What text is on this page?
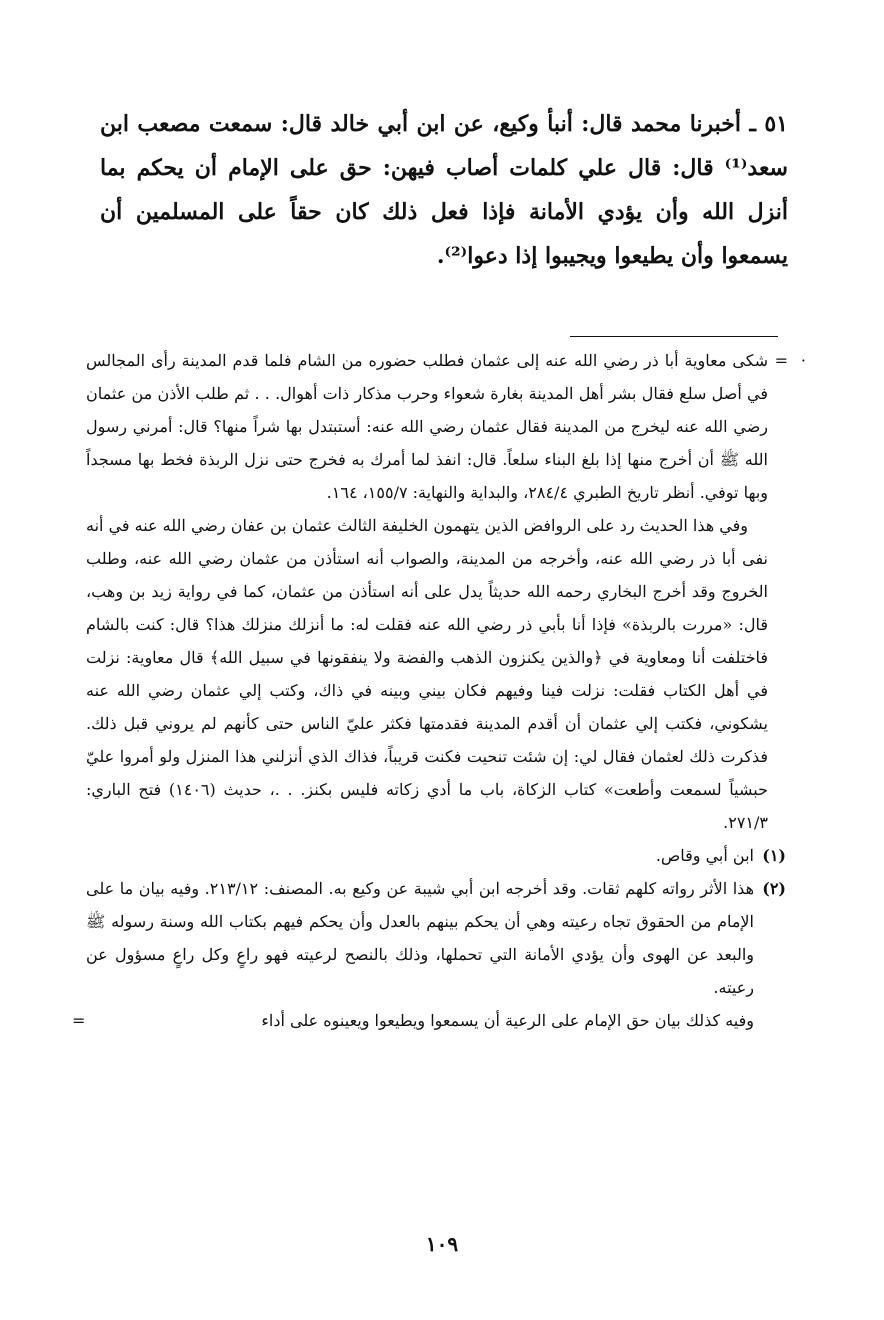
٥١ ـ أخبرنا محمد قال: أنبأ وكيع، عن ابن أبي خالد قال: سمعت مصعب ابن سعد⁽¹⁾ قال: قال علي كلمات أصاب فيهن: حق على الإمام أن يحكم بما أنزل الله وأن يؤدي الأمانة فإذا فعل ذلك كان حقاً على المسلمين أن يسمعوا وأن يطيعوا ويجيبوا إذا دعوا⁽²⁾.

·
=
شكى معاوية أبا ذر رضي الله عنه إلى عثمان فطلب حضوره من الشام فلما قدم المدينة رأى المجالس في أصل سلع فقال بشر أهل المدينة بغارة شعواء وحرب مذكار ذات أهوال. . . ثم طلب الأذن من عثمان رضي الله عنه ليخرج من المدينة فقال عثمان رضي الله عنه: أستبتدل بها شراً منها؟ قال: أمرني رسول الله ﷺ أن أخرج منها إذا بلغ البناء سلعاً. قال: انفذ لما أمرك به فخرج حتى نزل الربذة فخط بها مسجداً وبها توفي. أنظر تاريخ الطبري ٢٨٤/٤، والبداية والنهاية: ١٥٥/٧، ١٦٤.

وفي هذا الحديث رد على الروافض الذين يتهمون الخليفة الثالث عثمان بن عفان رضي الله عنه في أنه نفى أبا ذر رضي الله عنه، وأخرجه من المدينة، والصواب أنه استأذن من عثمان رضي الله عنه، وطلب الخروج وقد أخرج البخاري رحمه الله حديثاً يدل على أنه استأذن من عثمان، كما في رواية زيد بن وهب، قال: «مررت بالربذة» فإذا أنا بأبي ذر رضي الله عنه فقلت له: ما أنزلك منزلك هذا؟ قال: كنت بالشام فاختلفت أنا ومعاوية في ﴿والذين يكنزون الذهب والفضة ولا ينفقونها في سبيل الله﴾ قال معاوية: نزلت في أهل الكتاب فقلت: نزلت فينا وفيهم فكان بيني وبينه في ذاك، وكتب إلي عثمان رضي الله عنه يشكوني، فكتب إلي عثمان أن أقدم المدينة فقدمتها فكثر عليّ الناس حتى كأنهم لم يروني قبل ذلك. فذكرت ذلك لعثمان فقال لي: إن شئت تنحيت فكنت قريباً، فذاك الذي أنزلني هذا المنزل ولو أمروا عليّ حبشياً لسمعت وأطعت» كتاب الزكاة، باب ما أدي زكاته فليس بكنز. . .، حديث (١٤٠٦) فتح الباري: ٢٧١/٣.

(١)
ابن أبي وقاص.

(٢)
هذا الأثر رواته كلهم ثقات. وقد أخرجه ابن أبي شيبة عن وكيع به. المصنف: ٢١٣/١٢. وفيه بيان ما على الإمام من الحقوق تجاه رعيته وهي أن يحكم بينهم بالعدل وأن يحكم فيهم بكتاب الله وسنة رسوله ﷺ والبعد عن الهوى وأن يؤدي الأمانة التي تحملها، وذلك بالنصح لرعيته فهو راعٍ وكل راعٍ مسؤول عن رعيته.

وفيه كذلك بيان حق الإمام على الرعية أن يسمعوا ويطيعوا ويعينوه على أداء
=

١٠٩
